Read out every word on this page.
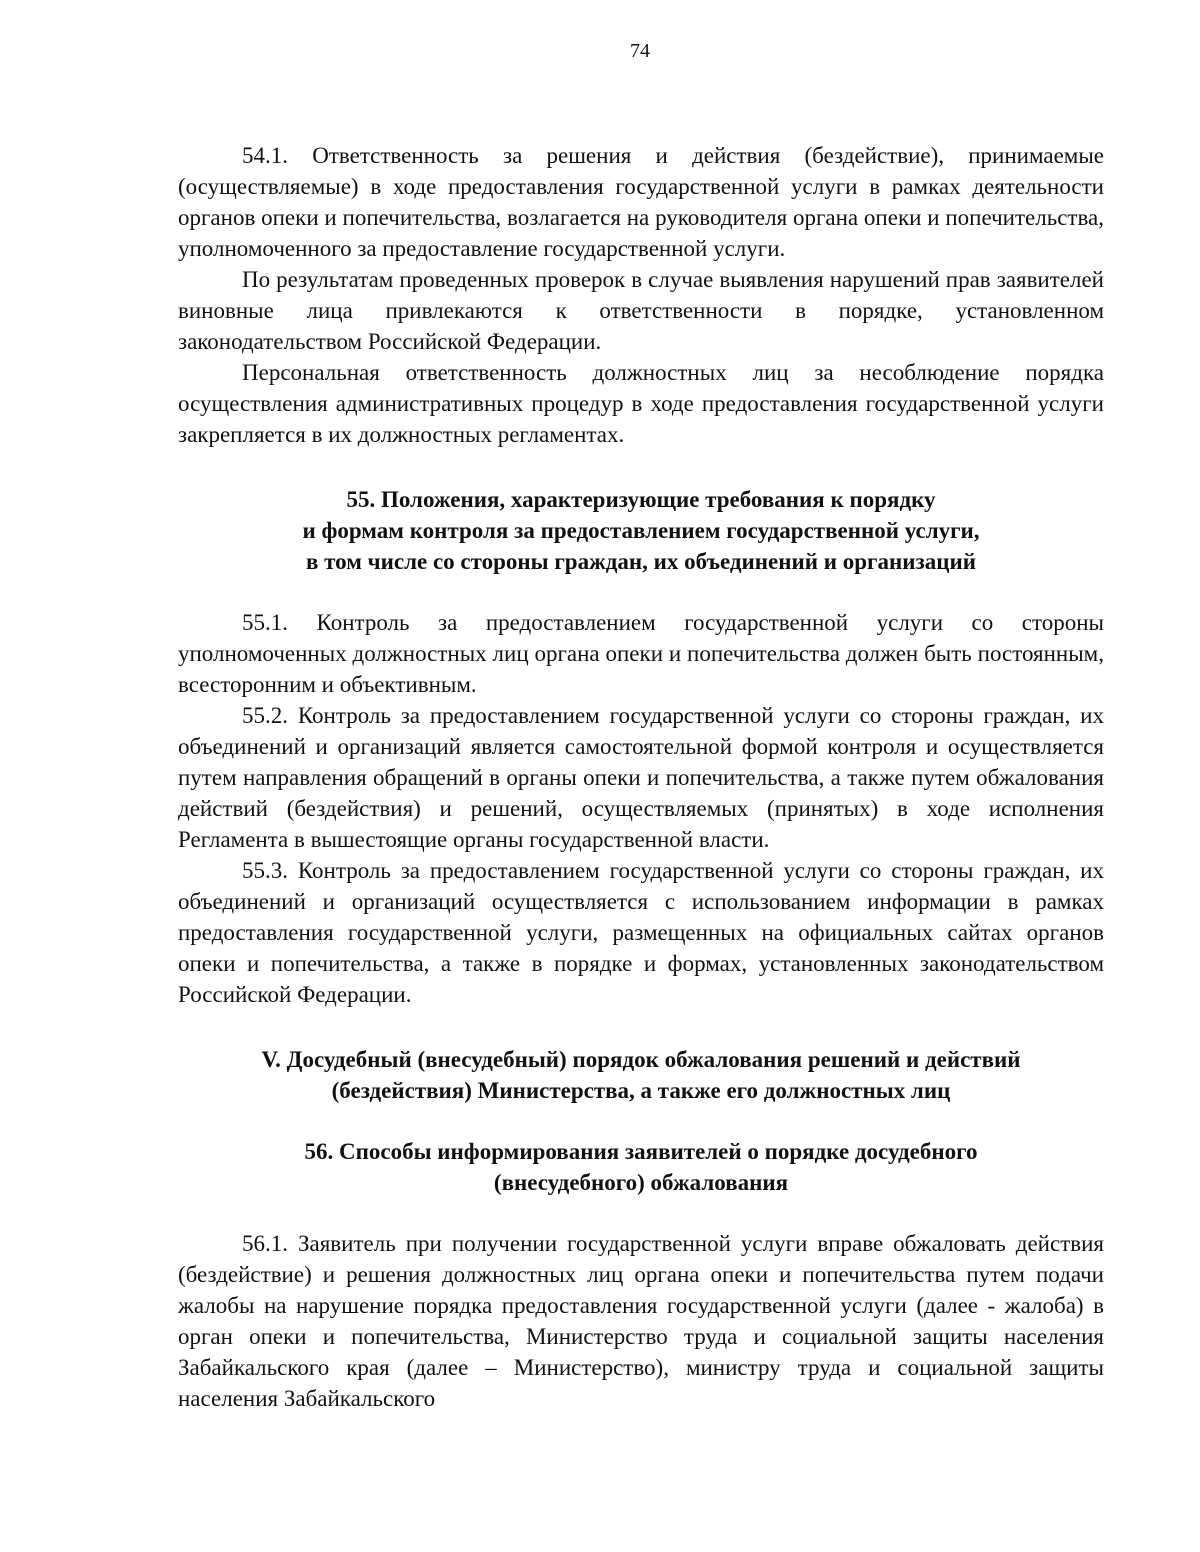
74

54.1. Ответственность за решения и действия (бездействие), принимаемые (осуществляемые) в ходе предоставления государственной услуги в рамках деятельности органов опеки и попечительства, возлагается на руководителя органа опеки и попечительства, уполномоченного за предоставление государственной услуги.

По результатам проведенных проверок в случае выявления нарушений прав заявителей виновные лица привлекаются к ответственности в порядке, установленном законодательством Российской Федерации.

Персональная ответственность должностных лиц за несоблюдение порядка осуществления административных процедур в ходе предоставления государственной услуги закрепляется в их должностных регламентах.

55. Положения, характеризующие требования к порядку
и формам контроля за предоставлением государственной услуги,
в том числе со стороны граждан, их объединений и организаций

55.1. Контроль за предоставлением государственной услуги со стороны уполномоченных должностных лиц органа опеки и попечительства должен быть постоянным, всесторонним и объективным.

55.2. Контроль за предоставлением государственной услуги со стороны граждан, их объединений и организаций является самостоятельной формой контроля и осуществляется путем направления обращений в органы опеки и попечительства, а также путем обжалования действий (бездействия) и решений, осуществляемых (принятых) в ходе исполнения Регламента в вышестоящие органы государственной власти.

55.3. Контроль за предоставлением государственной услуги со стороны граждан, их объединений и организаций осуществляется с использованием информации в рамках предоставления государственной услуги, размещенных на официальных сайтах органов опеки и попечительства, а также в порядке и формах, установленных законодательством Российской Федерации.

V. Досудебный (внесудебный) порядок обжалования решений и действий
(бездействия) Министерства, а также его должностных лиц
56. Способы информирования заявителей о порядке досудебного
(внесудебного) обжалования

56.1. Заявитель при получении государственной услуги вправе обжаловать действия (бездействие) и решения должностных лиц органа опеки и попечительства путем подачи жалобы на нарушение порядка предоставления государственной услуги (далее - жалоба) в орган опеки и попечительства, Министерство труда и социальной защиты населения Забайкальского края (далее – Министерство), министру труда и социальной защиты населения Забайкальского
